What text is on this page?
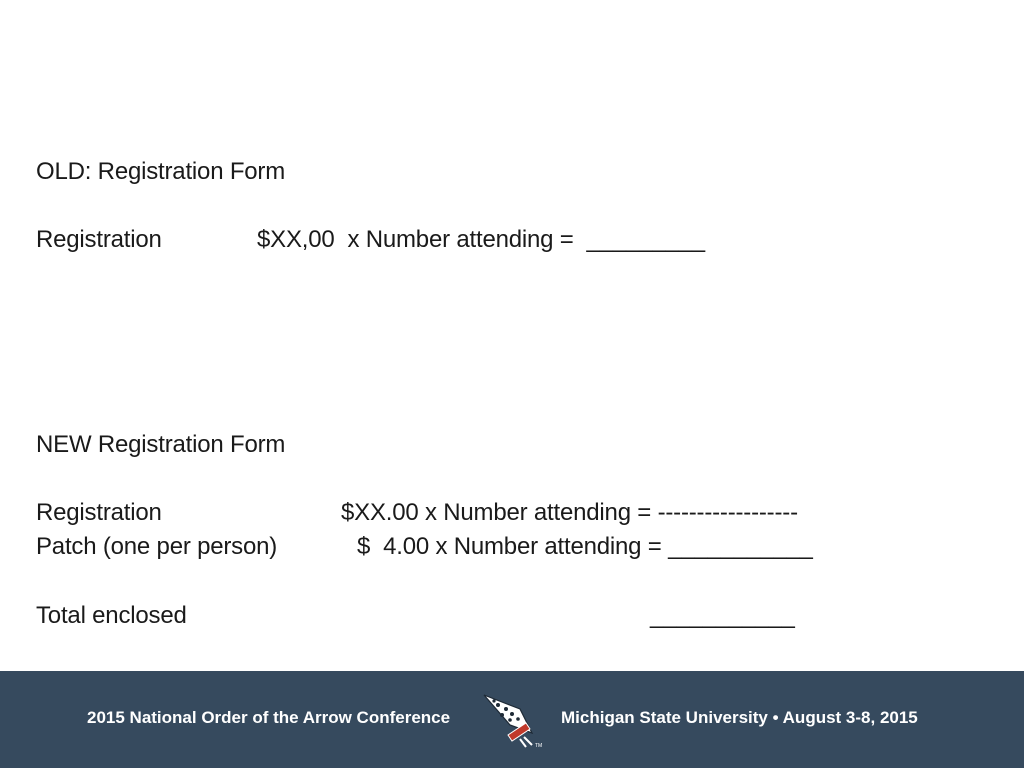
OLD: Registration Form
Registration	$XX,00  x Number attending =  _________
NEW Registration Form
Registration	$XX.00 x Number attending = ------------------
Patch (one per person)	$  4.00 x Number attending = ___________
Total enclosed	___________
2015 National Order of the Arrow Conference
TM
Michigan State University • August 3-8, 2015
